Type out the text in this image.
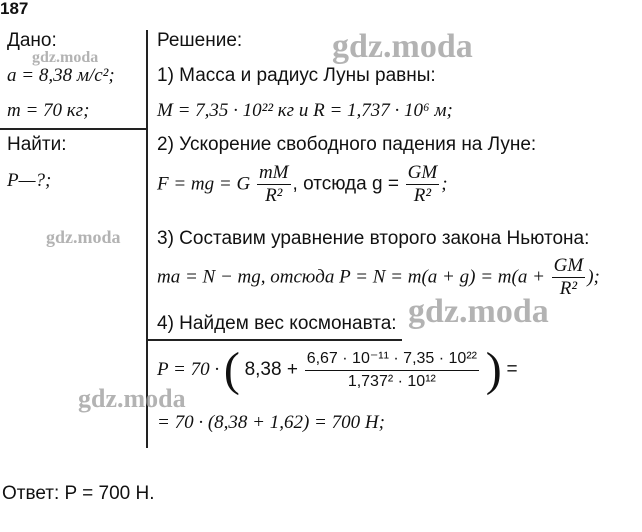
187
Дано:
a = 8,38 м/с²;
m = 70 кг;
Найти:
P—?;
Решение:
1) Масса и радиус Луны равны:
M = 7,35 · 10²² кг и R = 1,737 · 10⁶ м;
2) Ускорение свободного падения на Луне:
F = mg = G $\frac{mM}{\text{R²}}$ , отсюда $g = \frac{GM}{\text{R²}}$ ;
3) Составим уравнение второго закона Ньютона:
ma = N − mg, отсюда $P = N = m(a + g) = m(a + \frac{GM}{\text{R²}}$ );
4) Найдем вес космонавта:
P = 70 · ( $8,38 + \frac{\text{6,67 · 10⁻¹¹ · 7,35 · 10²²}}{\text{1,737² · 10¹²}}$ ) =
= 70 · (8,38 + 1,62) = 700 Н;
Ответ: P = 700 Н.
gdz.moda
gdz.moda
gdz.moda
gdz.moda
gdz.moda
